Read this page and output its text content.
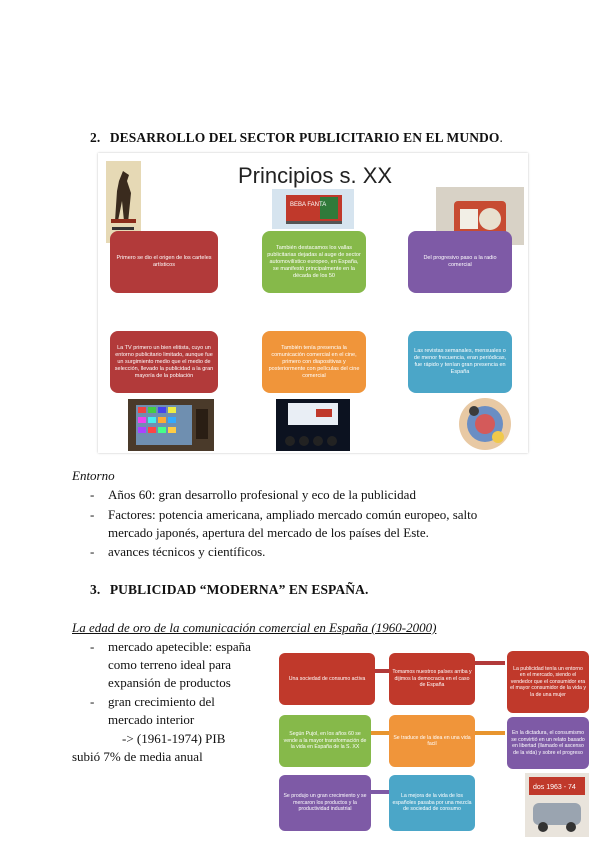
2. DESARROLLO DEL SECTOR PUBLICITARIO EN EL MUNDO.
Principios s. XX
BEBA FANTA
Primero se dio el origen de los carteles artísticos
También destacamos los vallas publicitarias dejadas al auge de sector automovilístico europeo, en España, se manifestó principalmente en la década de los 50
Del progresivo paso a la radio comercial
La TV primero un bien elitista, cuyo un entorno publicitario limitado, aunque fue un surgimiento medio que el medio de selección, llevado la publicidad a la gran mayoría de la población
También tenía presencia la comunicación comercial en el cine, primero con diapositivas y posteriormente con películas del cine comercial
Las revistas semanales, mensuales o de menor frecuencia, eran periódicas, fue rápido y tenían gran presencia en España
Entorno
- Años 60: gran desarrollo profesional y eco de la publicidad
- Factores: potencia americana, ampliado mercado común europeo, salto
mercado japonés, apertura del mercado de los países del Este.
- avances técnicos y científicos.
3. PUBLICIDAD “MODERNA” EN ESPAÑA.
La edad de oro de la comunicación comercial en España (1960-2000)
- mercado apetecible: españa
como terreno ideal para
expansión de productos
- gran crecimiento del
mercado interior
-> (1961-1974) PIB
subió 7% de media anual
Una sociedad de consumo activa
Tomamos nuestros países arriba y dijimos la democracia en el caso de España
La publicidad tenía un entorno en el mercado, siendo el vendedor que el consumidor era el mayor consumidor de la vida y la de una mujer
Según Pujol, en los años 60 se vende a la mayor transformación de la vida en España de la S. XX
Se traduce de la idea en una vida facil
En la dictadura, el consumismo se convirtió en un relato basado en libertad (llamado el ascenso de la vida) y sobre el progreso
Se produjo un gran crecimiento y se mercaron los productos y la productividad industrial
La mejora de la vida de los españoles pasaba por una mezcla de sociedad de consumo
dos 1963 - 74
